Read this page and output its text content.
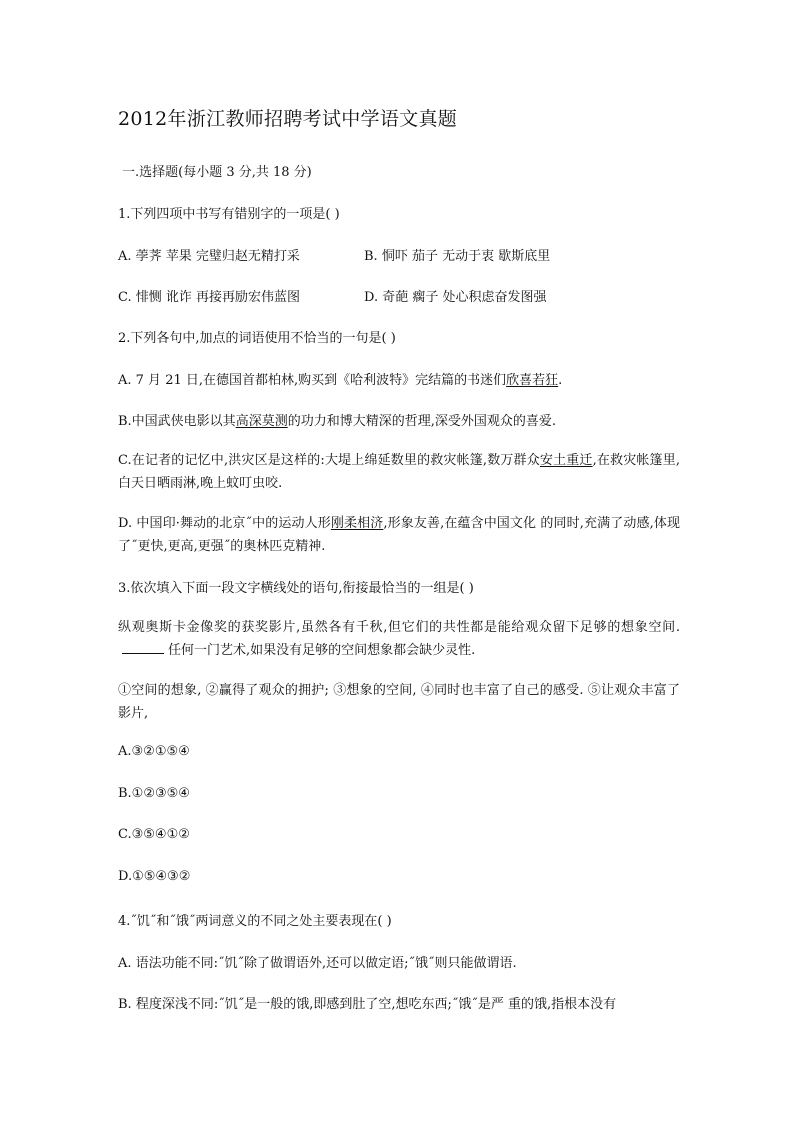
2012年浙江教师招聘考试中学语文真题
一.选择题(每小题 3 分,共 18 分)
1.下列四项中书写有错别字的一项是( )
A. 荸荠 苹果 完璧归赵无精打采	B. 恫吓 茄子 无动于衷 歇斯底里
C. 悱恻 讹诈 再接再励宏伟蓝图	D. 奇葩 瘸子 处心积虑奋发图强
2.下列各句中,加点的词语使用不恰当的一句是( )
A. 7 月 21 日,在德国首都柏林,购买到《哈利波特》完结篇的书迷们欣喜若狂.
B.中国武侠电影以其高深莫测的功力和博大精深的哲理,深受外国观众的喜爱.
C.在记者的记忆中,洪灾区是这样的:大堤上绵延数里的救灾帐篷,数万群众安土重迁,在救灾帐篷里,白天日晒雨淋,晚上蚊叮虫咬.
D. 中国印·舞动的北京˝中的运动人形刚柔相济,形象友善,在蕴含中国文化 的同时,充满了动感,体现了˝更快,更高,更强˝的奥林匹克精神.
3.依次填入下面一段文字横线处的语句,衔接最恰当的一组是( )
纵观奥斯卡金像奖的获奖影片,虽然各有千秋,但它们的共性都是能给观众留下足够的想象空间.任何一门艺术,如果没有足够的空间想象都会缺少灵性.
①空间的想象, ②赢得了观众的拥护; ③想象的空间, ④同时也丰富了自己的感受. ⑤让观众丰富了影片,
A.③②①⑤④
B.①②③⑤④
C.③⑤④①②
D.①⑤④③②
4.˝饥˝和˝饿˝两词意义的不同之处主要表现在( )
A. 语法功能不同:˝饥˝除了做谓语外,还可以做定语;˝饿˝则只能做谓语.
B. 程度深浅不同:˝饥˝是一般的饿,即感到肚了空,想吃东西;˝饿˝是严 重的饿,指根本没有
